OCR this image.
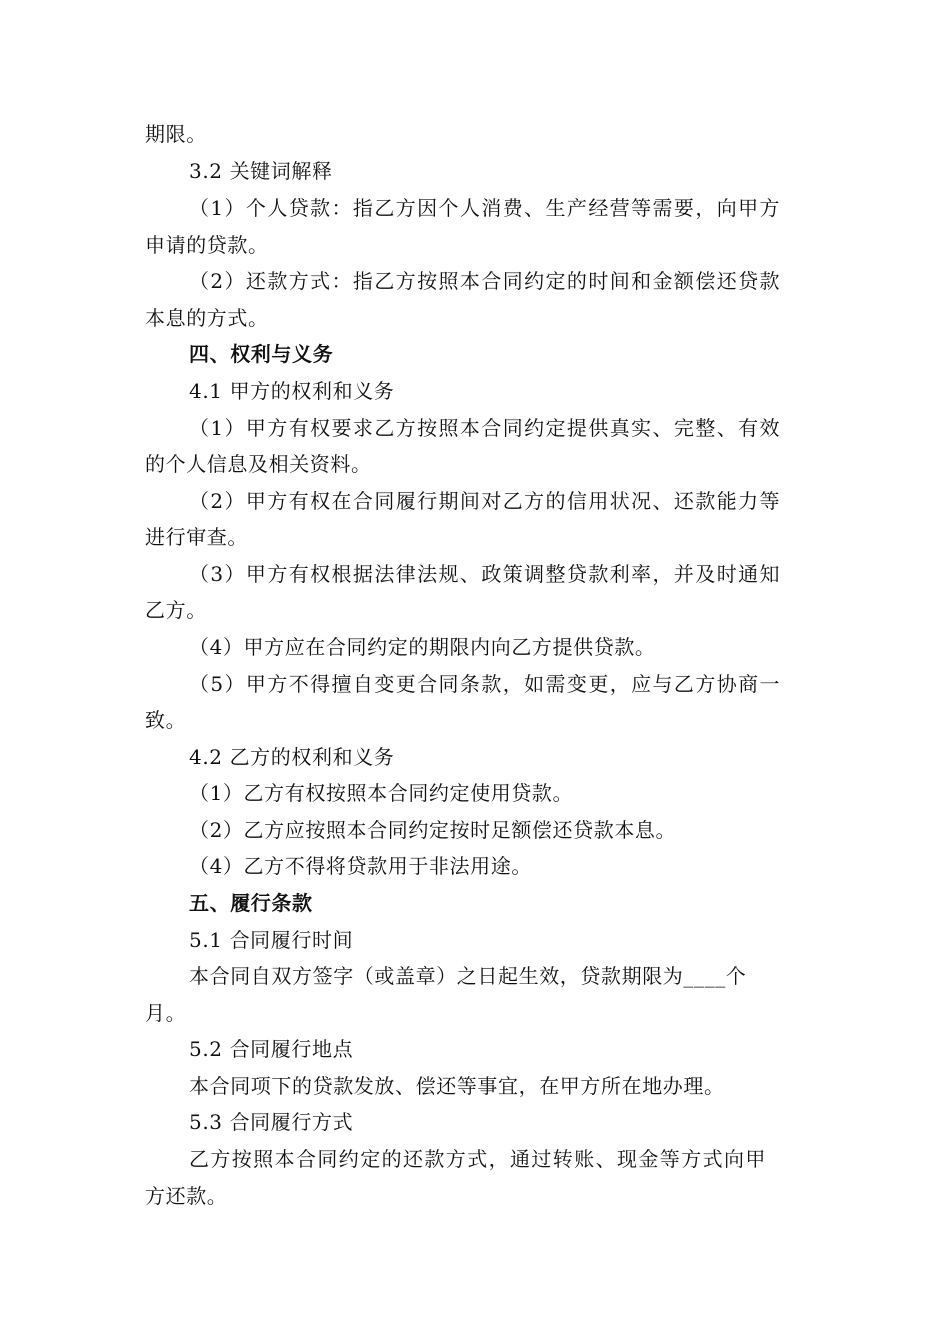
期限。
3.2 关键词解释
（1）个人贷款：指乙方因个人消费、生产经营等需要，向甲方
申请的贷款。
（2）还款方式：指乙方按照本合同约定的时间和金额偿还贷款
本息的方式。
四、权利与义务
4.1 甲方的权利和义务
（1）甲方有权要求乙方按照本合同约定提供真实、完整、有效
的个人信息及相关资料。
（2）甲方有权在合同履行期间对乙方的信用状况、还款能力等
进行审查。
（3）甲方有权根据法律法规、政策调整贷款利率，并及时通知
乙方。
（4）甲方应在合同约定的期限内向乙方提供贷款。
（5）甲方不得擅自变更合同条款，如需变更，应与乙方协商一
致。
4.2 乙方的权利和义务
（1）乙方有权按照本合同约定使用贷款。
（2）乙方应按照本合同约定按时足额偿还贷款本息。
（4）乙方不得将贷款用于非法用途。
五、履行条款
5.1 合同履行时间
本合同自双方签字（或盖章）之日起生效，贷款期限为____个
月。
5.2 合同履行地点
本合同项下的贷款发放、偿还等事宜，在甲方所在地办理。
5.3 合同履行方式
乙方按照本合同约定的还款方式，通过转账、现金等方式向甲
方还款。
